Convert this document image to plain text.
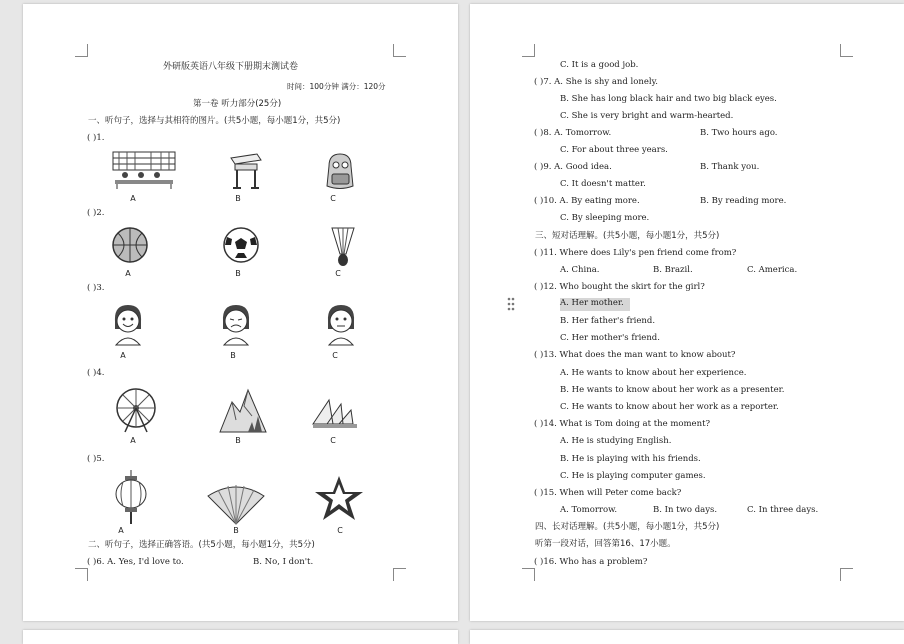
外研版英语八年级下册期末测试卷
时间：100分钟 满分：120分
第一卷 听力部分(25分)
一、听句子，选择与其相符的图片。(共5小题，每小题1分，共5分)
( )1.
( )2.
( )3.
( )4.
( )5.
A	B	C
A	B	C
A	B	C
A	B	C
A	B	C
二、听句子，选择正确答语。(共5小题，每小题1分，共5分)
( )6. A. Yes, I'd love to.	B. No, I don't.
C. It is a good job.
( )7. A. She is shy and lonely.
B. She has long black hair and two big black eyes.
C. She is very bright and warm-hearted.
( )8. A. Tomorrow.	B. Two hours ago.
C. For about three years.
( )9. A. Good idea.	B. Thank you.
C. It doesn't matter.
( )10. A. By eating more.	B. By reading more.
C. By sleeping more.
三、短对话理解。(共5小题，每小题1分，共5分)
( )11. Where does Lily's pen friend come from?
A. China.	B. Brazil.	C. America.
( )12. Who bought the skirt for the girl?
A. Her mother.
B. Her father's friend.
C. Her mother's friend.
( )13. What does the man want to know about?
A. He wants to know about her experience.
B. He wants to know about her work as a presenter.
C. He wants to know about her work as a reporter.
( )14. What is Tom doing at the moment?
A. He is studying English.
B. He is playing with his friends.
C. He is playing computer games.
( )15. When will Peter come back?
A. Tomorrow.	B. In two days.	C. In three days.
四、长对话理解。(共5小题，每小题1分，共5分)
听第一段对话，回答第16、17小题。
( )16. Who has a problem?
